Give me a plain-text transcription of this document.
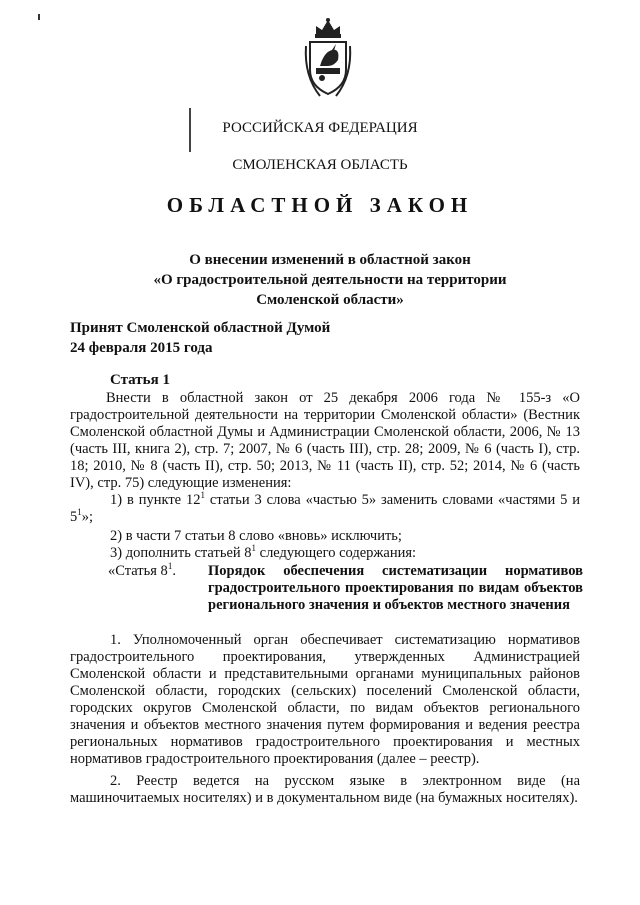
РОССИЙСКАЯ ФЕДЕРАЦИЯ
СМОЛЕНСКАЯ ОБЛАСТЬ
ОБЛАСТНОЙ ЗАКОН
О внесении изменений в областной закон
«О градостроительной деятельности на территории
Смоленской области»
Принят Смоленской областной Думой
24 февраля 2015 года
Статья 1
Внести в областной закон от 25 декабря 2006 года № 155-з «О градостроительной деятельности на территории Смоленской области» (Вестник Смоленской областной Думы и Администрации Смоленской области, 2006, № 13 (часть III, книга 2), стр. 7; 2007, № 6 (часть III), стр. 28; 2009, № 6 (часть I), стр. 18; 2010, № 8 (часть II), стр. 50; 2013, № 11 (часть II), стр. 52; 2014, № 6 (часть IV), стр. 75) следующие изменения:
1) в пункте $12^1$ статьи 3 слова «частью 5» заменить словами «частями 5 и $5^1$»;
2) в части 7 статьи 8 слово «вновь» исключить;
3) дополнить статьей $8^1$ следующего содержания:
«Статья $8^1$.	Порядок обеспечения систематизации нормативов градостроительного проектирования по видам объектов регионального значения и объектов местного значения
1. Уполномоченный орган обеспечивает систематизацию нормативов градостроительного проектирования, утвержденных Администрацией Смоленской области и представительными органами муниципальных районов Смоленской области, городских (сельских) поселений Смоленской области, городских округов Смоленской области, по видам объектов регионального значения и объектов местного значения путем формирования и ведения реестра региональных нормативов градостроительного проектирования и местных нормативов градостроительного проектирования (далее – реестр).
2. Реестр ведется на русском языке в электронном виде (на машиночитаемых носителях) и в документальном виде (на бумажных носителях).
